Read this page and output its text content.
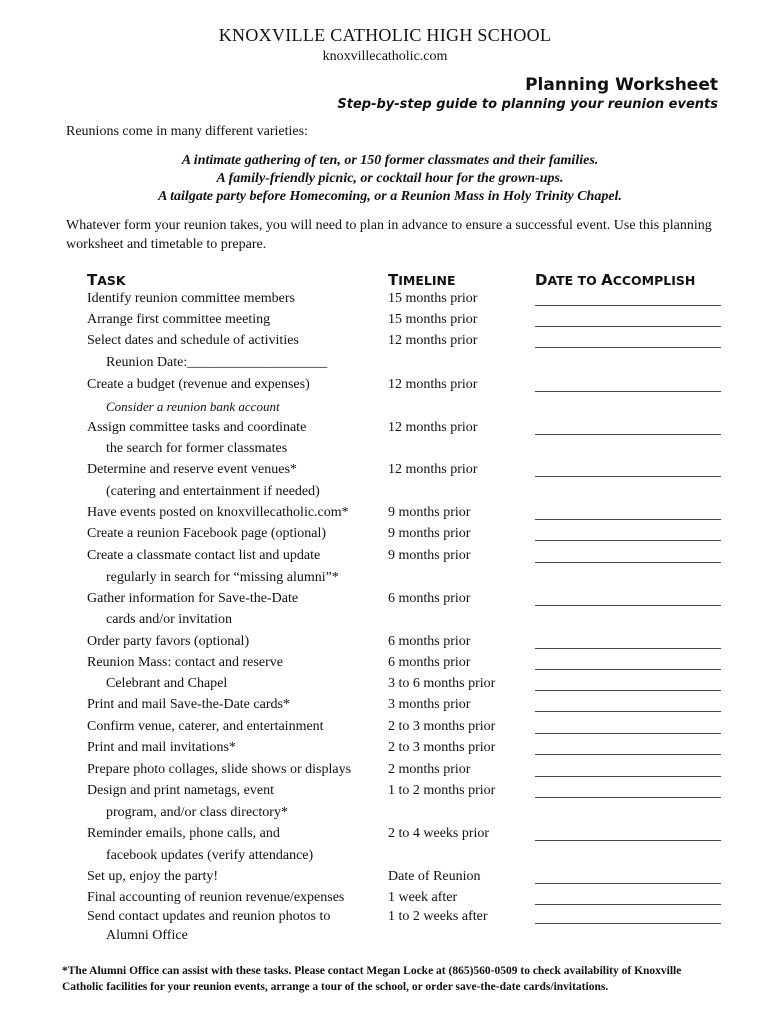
KNOXVILLE CATHOLIC HIGH SCHOOL
knoxvillecatholic.com
Planning Worksheet
Step-by-step guide to planning your reunion events
Reunions come in many different varieties:
A intimate gathering of ten, or 150 former classmates and their families.
A family-friendly picnic, or cocktail hour for the grown-ups.
A tailgate party before Homecoming, or a Reunion Mass in Holy Trinity Chapel.
Whatever form your reunion takes, you will need to plan in advance to ensure a successful event. Use this planning worksheet and timetable to prepare.
TASK	TIMELINE	DATE TO ACCOMPLISH
Identify reunion committee members	15 months prior
Arrange first committee meeting	15 months prior
Select dates and schedule of activities	12 months prior
Reunion Date:____________________
Create a budget (revenue and expenses)	12 months prior
Consider a reunion bank account
Assign committee tasks and coordinate	12 months prior
the search for former classmates
Determine and reserve event venues*	12 months prior
(catering and entertainment if needed)
Have events posted on knoxvillecatholic.com*	9 months prior
Create a reunion Facebook page (optional)	9 months prior
Create a classmate contact list and update	9 months prior
regularly in search for “missing alumni”*
Gather information for Save-the-Date	6 months prior
cards and/or invitation
Order party favors (optional)	6 months prior
Reunion Mass: contact and reserve	6 months prior
Celebrant and Chapel	3 to 6 months prior
Print and mail Save-the-Date cards*	3 months prior
Confirm venue, caterer, and entertainment	2 to 3 months prior
Print and mail invitations*	2 to 3 months prior
Prepare photo collages, slide shows or displays	2 months prior
Design and print nametags, event	1 to 2 months prior
program, and/or class directory*
Reminder emails, phone calls, and	2 to 4 weeks prior
facebook updates (verify attendance)
Set up, enjoy the party!	Date of Reunion
Final accounting of reunion revenue/expenses	1 week after
Send contact updates and reunion photos to	1 to 2 weeks after
Alumni Office
*The Alumni Office can assist with these tasks. Please contact Megan Locke at (865)560-0509 to check availability of Knoxville Catholic facilities for your reunion events, arrange a tour of the school, or order save-the-date cards/invitations.
